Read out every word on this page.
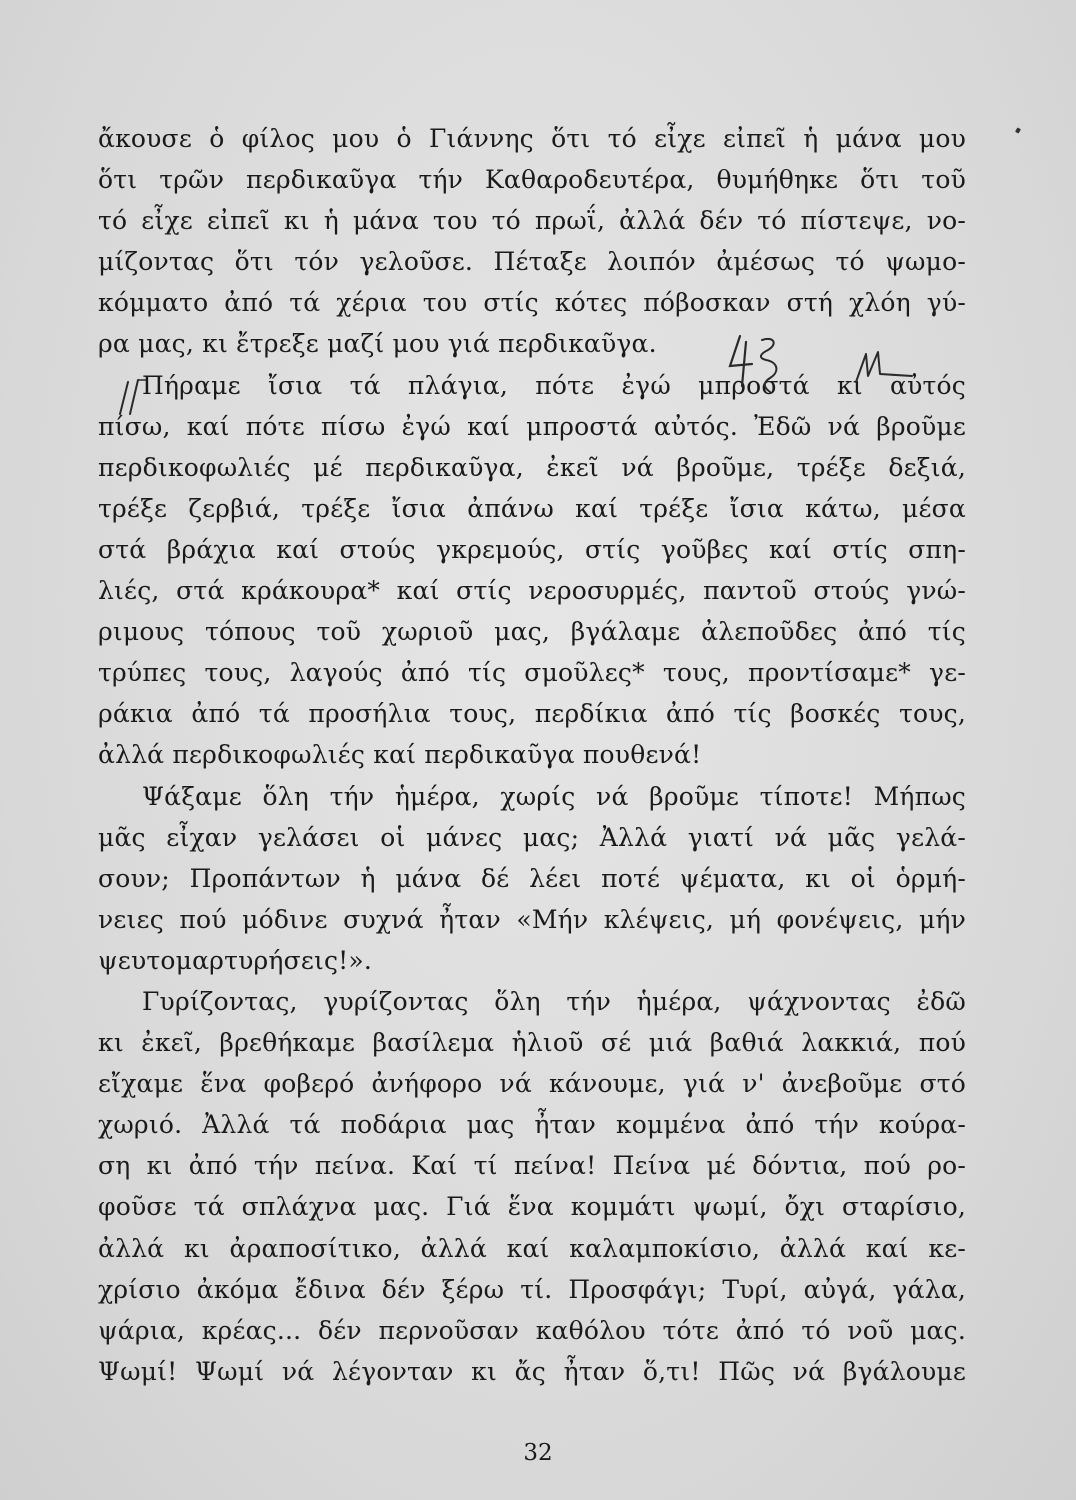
ἄκουσε ὁ φίλος μου ὁ Γιάννης ὅτι τό εἶχε εἰπεῖ ἡ μάνα μου
ὅτι τρῶν περδικαῦγα τήν Καθαροδευτέρα, θυμήθηκε ὅτι τοῦ
τό εἶχε εἰπεῖ κι ἡ μάνα του τό πρωΐ, ἀλλά δέν τό πίστεψε, νο-
μίζοντας ὅτι τόν γελοῦσε. Πέταξε λοιπόν ἀμέσως τό ψωμο-
κόμματο ἀπό τά χέρια του στίς κότες πόβοσκαν στή χλόη γύ-
ρα μας, κι ἔτρεξε μαζί μου γιά περδικαῦγα.
Πήραμε ἴσια τά πλάγια, πότε ἐγώ μπροστά κι αὐτός
πίσω, καί πότε πίσω ἐγώ καί μπροστά αὐτός. Ἐδῶ νά βροῦμε
περδικοφωλιές μέ περδικαῦγα, ἐκεῖ νά βροῦμε, τρέξε δεξιά,
τρέξε ζερβιά, τρέξε ἴσια ἀπάνω καί τρέξε ἴσια κάτω, μέσα
στά βράχια καί στούς γκρεμούς, στίς γοῦβες καί στίς σπη-
λιές, στά κράκουρα* καί στίς νεροσυρμές, παντοῦ στούς γνώ-
ριμους τόπους τοῦ χωριοῦ μας, βγάλαμε ἀλεποῦδες ἀπό τίς
τρύπες τους, λαγούς ἀπό τίς σμοῦλες* τους, προντίσαμε* γε-
ράκια ἀπό τά προσήλια τους, περδίκια ἀπό τίς βοσκές τους,
ἀλλά περδικοφωλιές καί περδικαῦγα πουθενά!
Ψάξαμε ὅλη τήν ἡμέρα, χωρίς νά βροῦμε τίποτε! Μήπως
μᾶς εἶχαν γελάσει οἱ μάνες μας; Ἀλλά γιατί νά μᾶς γελά-
σουν; Προπάντων ἡ μάνα δέ λέει ποτέ ψέματα, κι οἱ ὁρμή-
νειες πού μόδινε συχνά ἦταν «Μήν κλέψεις, μή φονέψεις, μήν
ψευτομαρτυρήσεις!».
Γυρίζοντας, γυρίζοντας ὅλη τήν ἡμέρα, ψάχνοντας ἐδῶ
κι ἐκεῖ, βρεθήκαμε βασίλεμα ἡλιοῦ σέ μιά βαθιά λακκιά, πού
εἴχαμε ἕνα φοβερό ἀνήφορο νά κάνουμε, γιά ν' ἀνεβοῦμε στό
χωριό. Ἀλλά τά ποδάρια μας ἦταν κομμένα ἀπό τήν κούρα-
ση κι ἀπό τήν πείνα. Καί τί πείνα! Πείνα μέ δόντια, πού ρο-
φοῦσε τά σπλάχνα μας. Γιά ἕνα κομμάτι ψωμί, ὄχι σταρίσιο,
ἀλλά κι ἀραποσίτικο, ἀλλά καί καλαμποκίσιο, ἀλλά καί κε-
χρίσιο ἀκόμα ἔδινα δέν ξέρω τί. Προσφάγι; Τυρί, αὐγά, γάλα,
ψάρια, κρέας... δέν περνοῦσαν καθόλου τότε ἀπό τό νοῦ μας.
Ψωμί! Ψωμί νά λέγονταν κι ἄς ἦταν ὅ,τι! Πῶς νά βγάλουμε
32
